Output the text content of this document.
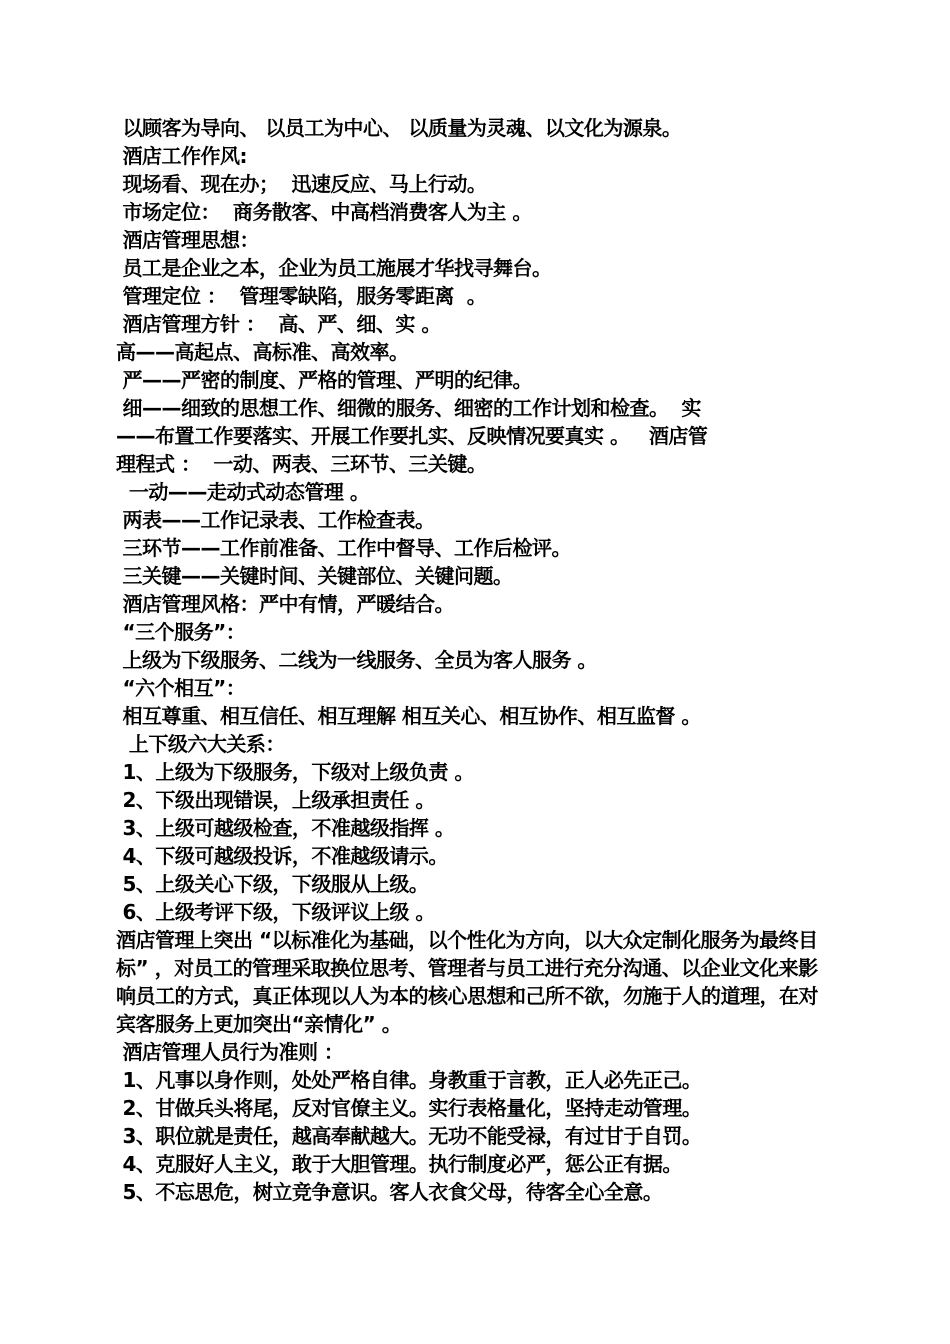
以顾客为导向、 以员工为中心、 以质量为灵魂、以文化为源泉。
酒店工作作风:
现场看、现在办；  迅速反应、马上行动。
市场定位：  商务散客、中高档消费客人为主 。
酒店管理思想：
员工是企业之本，企业为员工施展才华找寻舞台。
管理定位 ：  管理零缺陷，服务零距离  。
酒店管理方针 ：  高、严、细、实 。
高——高起点、高标准、高效率。
严——严密的制度、严格的管理、严明的纪律。
细——细致的思想工作、细微的服务、细密的工作计划和检查。  实
——布置工作要落实、开展工作要扎实、反映情况要真实 。   酒店管
理程式 ：  一动、两表、三环节、三关键。
一动——走动式动态管理 。
两表——工作记录表、工作检查表。
三环节——工作前准备、工作中督导、工作后检评。
三关键——关键时间、关键部位、关键问题。
酒店管理风格：严中有情，严暖结合。
“三个服务”：
上级为下级服务、二线为一线服务、全员为客人服务 。
“六个相互”：
相互尊重、相互信任、相互理解 相互关心、相互协作、相互监督 。
上下级六大关系：
1、上级为下级服务，下级对上级负责 。
2、下级出现错误，上级承担责任 。
3、上级可越级检查，不准越级指挥 。
4、下级可越级投诉，不准越级请示。
5、上级关心下级，下级服从上级。
6、上级考评下级，下级评议上级 。
酒店管理上突出 “以标准化为基础，以个性化为方向，以大众定制化服务为最终目标” ，对员工的管理采取换位思考、管理者与员工进行充分沟通、以企业文化来影响员工的方式，真正体现以人为本的核心思想和己所不欲，勿施于人的道理，在对宾客服务上更加突出“亲情化” 。
酒店管理人员行为准则 ：
1、凡事以身作则，处处严格自律。身教重于言教，正人必先正己。
2、甘做兵头将尾，反对官僚主义。实行表格量化，坚持走动管理。
3、职位就是责任，越高奉献越大。无功不能受禄，有过甘于自罚。
4、克服好人主义，敢于大胆管理。执行制度必严，惩公正有据。
5、不忘思危，树立竞争意识。客人衣食父母，待客全心全意。
